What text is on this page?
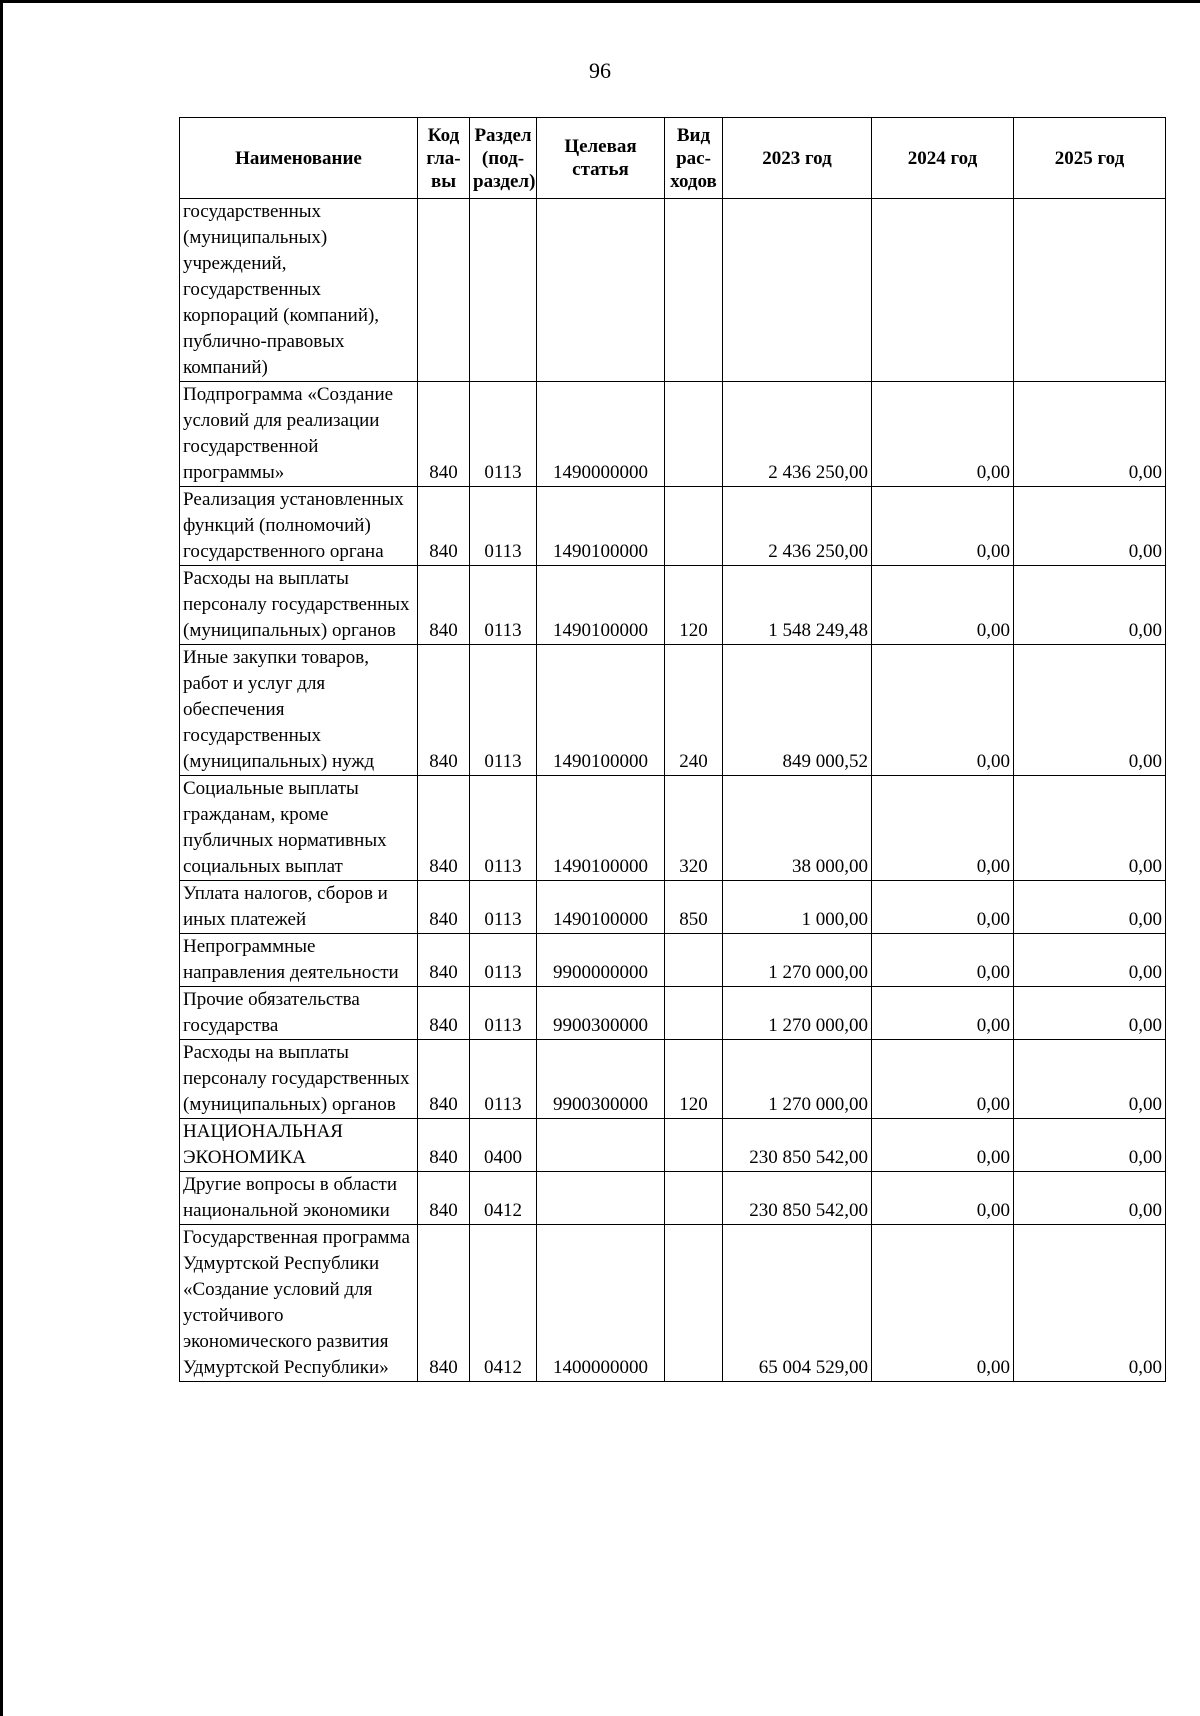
96
Наименование	Код гла-вы	Раздел (под-раздел)	Целевая статья	Вид рас-ходов	2023 год	2024 год	2025 год
государственных (муниципальных) учреждений, государственных корпораций (компаний), публично-правовых компаний)							
Подпрограмма «Создание условий для реализации государственной программы»	840	0113	1490000000		2 436 250,00	0,00	0,00
Реализация установленных функций (полномочий) государственного органа	840	0113	1490100000		2 436 250,00	0,00	0,00
Расходы на выплаты персоналу государственных (муниципальных) органов	840	0113	1490100000	120	1 548 249,48	0,00	0,00
Иные закупки товаров, работ и услуг для обеспечения государственных (муниципальных) нужд	840	0113	1490100000	240	849 000,52	0,00	0,00
Социальные выплаты гражданам, кроме публичных нормативных социальных выплат	840	0113	1490100000	320	38 000,00	0,00	0,00
Уплата налогов, сборов и иных платежей	840	0113	1490100000	850	1 000,00	0,00	0,00
Непрограммные направления деятельности	840	0113	9900000000		1 270 000,00	0,00	0,00
Прочие обязательства государства	840	0113	9900300000		1 270 000,00	0,00	0,00
Расходы на выплаты персоналу государственных (муниципальных) органов	840	0113	9900300000	120	1 270 000,00	0,00	0,00
НАЦИОНАЛЬНАЯ ЭКОНОМИКА	840	0400			230 850 542,00	0,00	0,00
Другие вопросы в области национальной экономики	840	0412			230 850 542,00	0,00	0,00
Государственная программа Удмуртской Республики «Создание условий для устойчивого экономического развития Удмуртской Республики»	840	0412	1400000000		65 004 529,00	0,00	0,00
